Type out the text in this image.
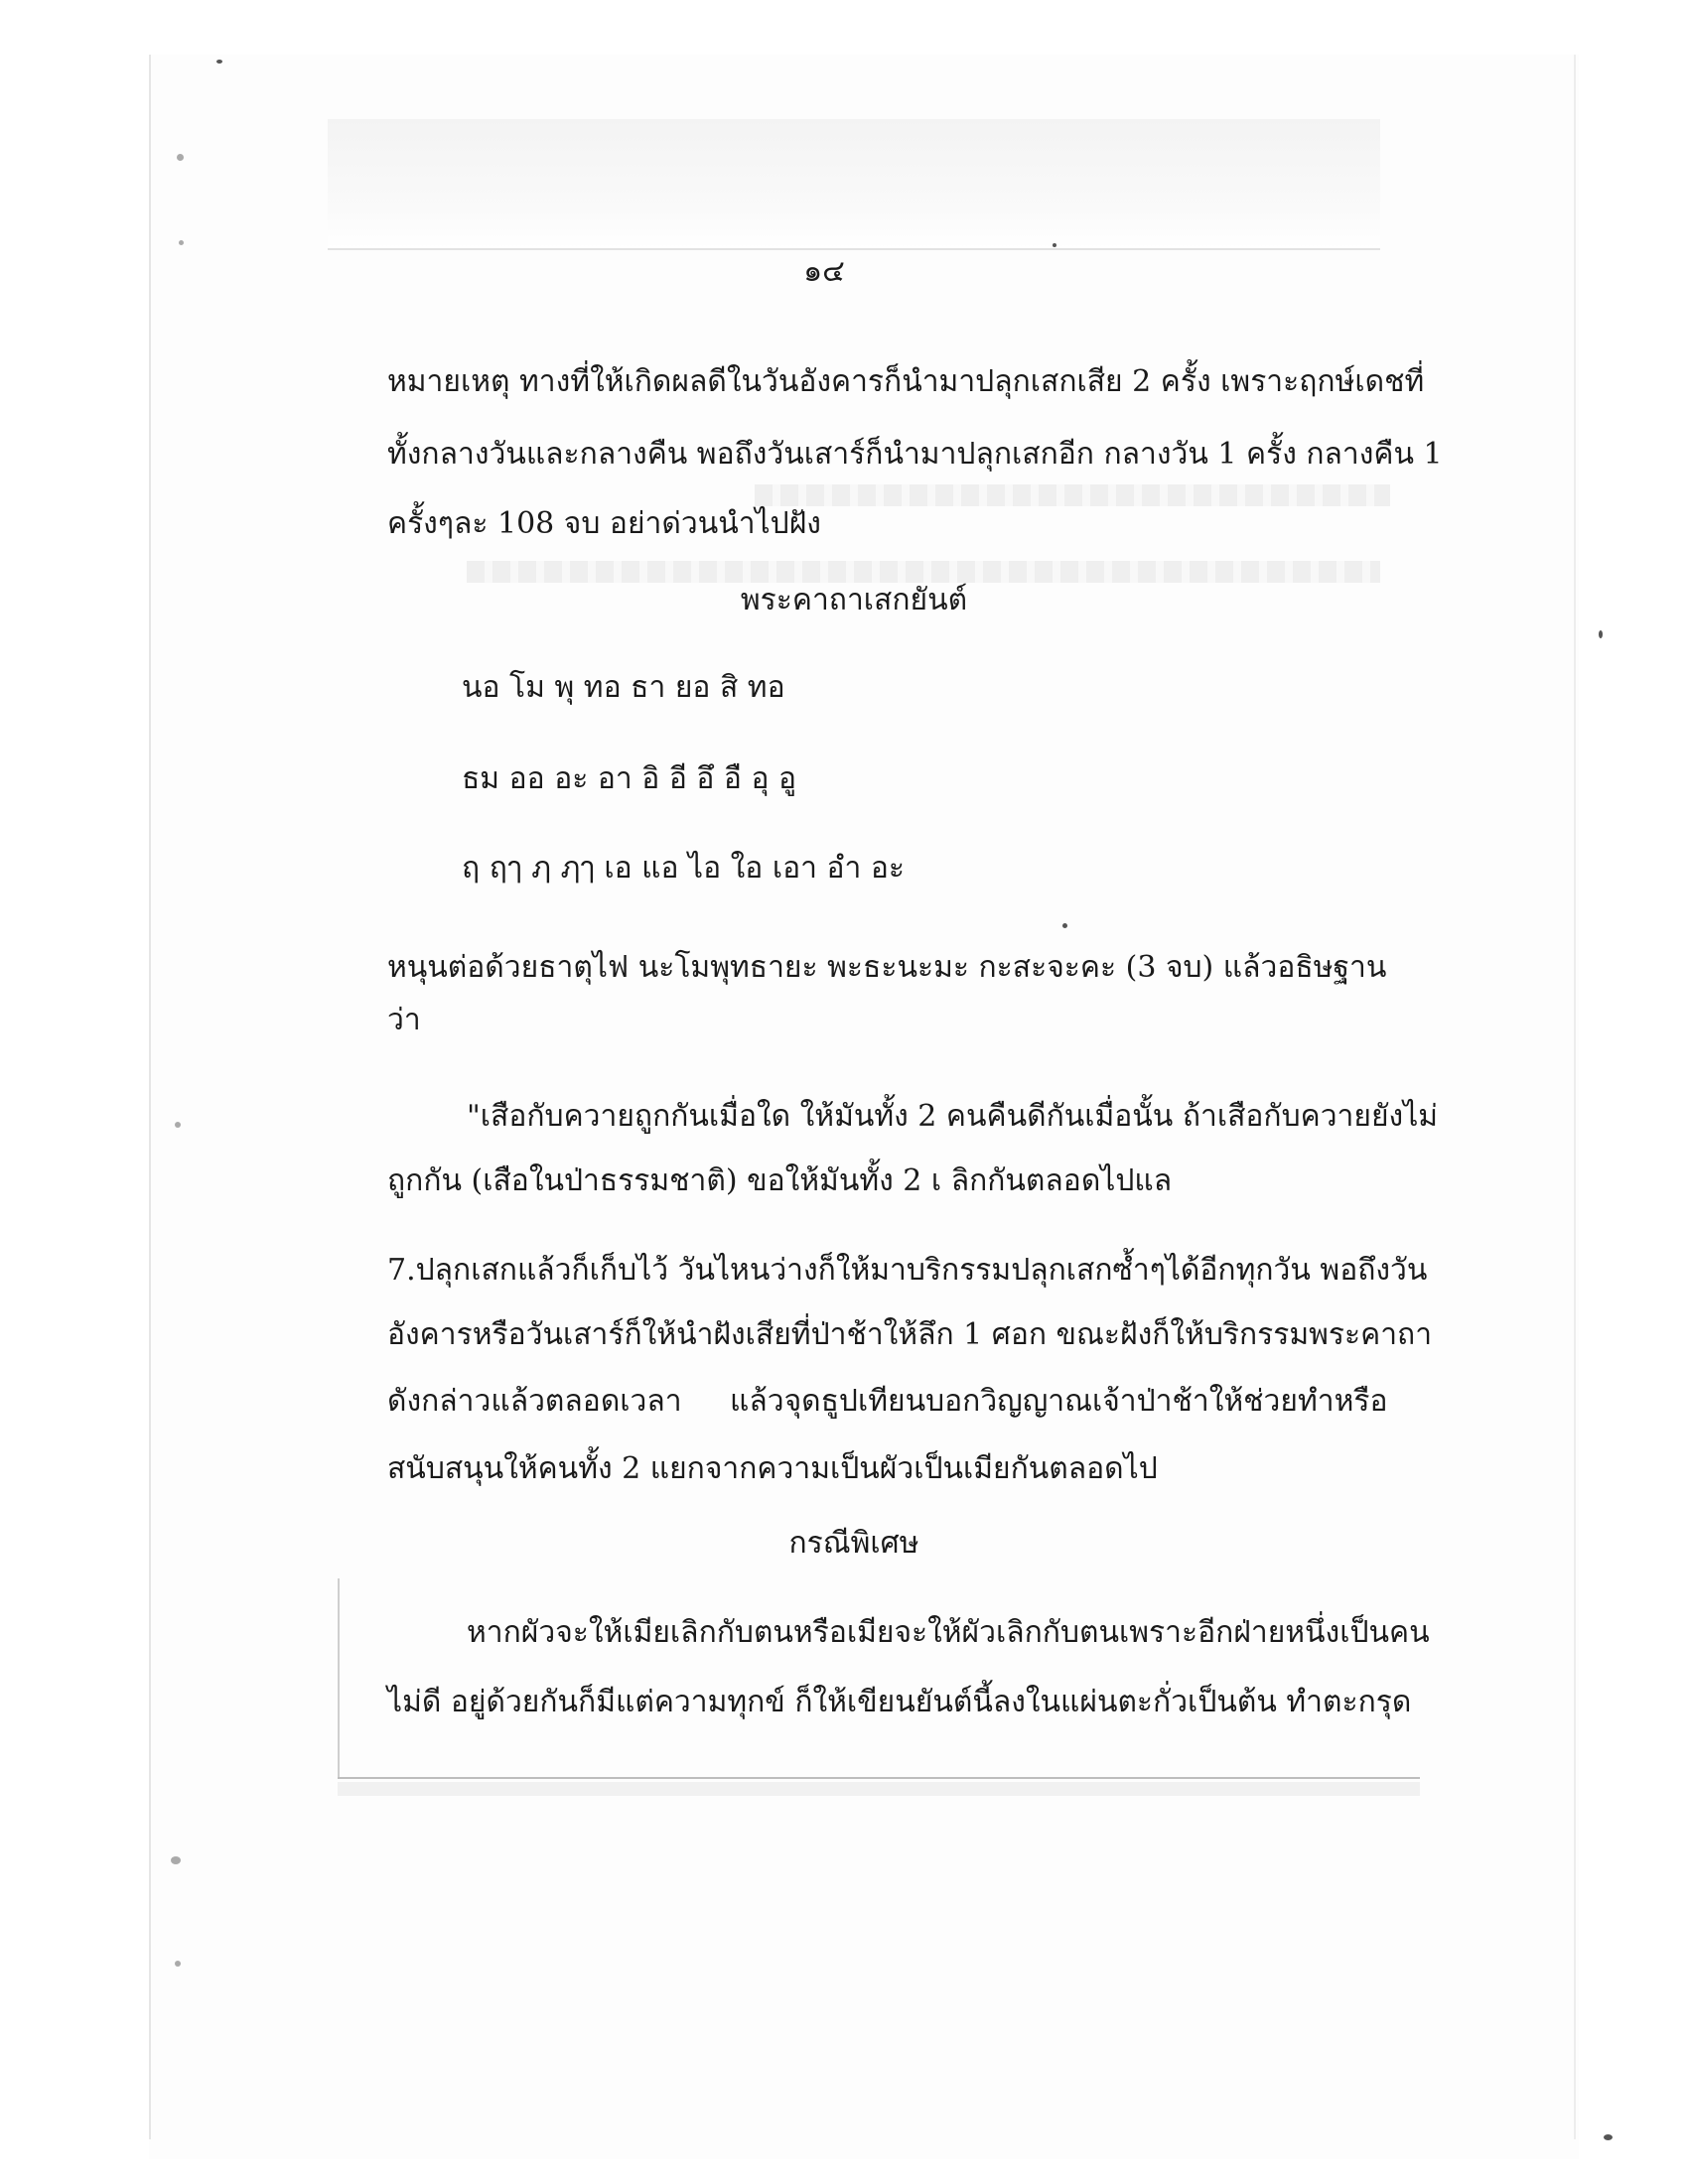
๑๔
หมายเหตุ ทางที่ให้เกิดผลดีในวันอังคารก็นำมาปลุกเสกเสีย 2 ครั้ง เพราะฤกษ์เดชที่
ทั้งกลางวันและกลางคืน พอถึงวันเสาร์ก็นำมาปลุกเสกอีก กลางวัน 1 ครั้ง กลางคืน 1
ครั้งๆละ 108 จบ อย่าด่วนนำไปฝัง
พระคาถาเสกยันต์
นอ โม พุ ทอ ธา ยอ สิ ทอ
ธม ออ อะ อา อิ อี อึ อื อุ อู
ฤ ฤๅ ฦ ฦๅ เอ แอ ไอ ใอ เอา อำ อะ
หนุนต่อด้วยธาตุไฟ นะโมพุทธายะ พะธะนะมะ กะสะจะคะ (3 จบ) แล้วอธิษฐาน
ว่า
"เสือกับควายถูกกันเมื่อใด ให้มันทั้ง 2 คนคืนดีกันเมื่อนั้น ถ้าเสือกับควายยังไม่
ถูกกัน (เสือในป่าธรรมชาติ) ขอให้มันทั้ง 2 เ ลิกกันตลอดไปแล
7.ปลุกเสกแล้วก็เก็บไว้ วันไหนว่างก็ให้มาบริกรรมปลุกเสกซ้ำๆได้อีกทุกวัน พอถึงวัน
อังคารหรือวันเสาร์ก็ให้นำฝังเสียที่ป่าช้าให้ลึก 1 ศอก ขณะฝังก็ให้บริกรรมพระคาถา
ดังกล่าวแล้วตลอดเวลา แล้วจุดธูปเทียนบอกวิญญาณเจ้าป่าช้าให้ช่วยทำหรือ
สนับสนุนให้คนทั้ง 2 แยกจากความเป็นผัวเป็นเมียกันตลอดไป
กรณีพิเศษ
หากผัวจะให้เมียเลิกกับตนหรือเมียจะให้ผัวเลิกกับตนเพราะอีกฝ่ายหนึ่งเป็นคน
ไม่ดี อยู่ด้วยกันก็มีแต่ความทุกข์ ก็ให้เขียนยันต์นี้ลงในแผ่นตะกั่วเป็นต้น ทำตะกรุด
